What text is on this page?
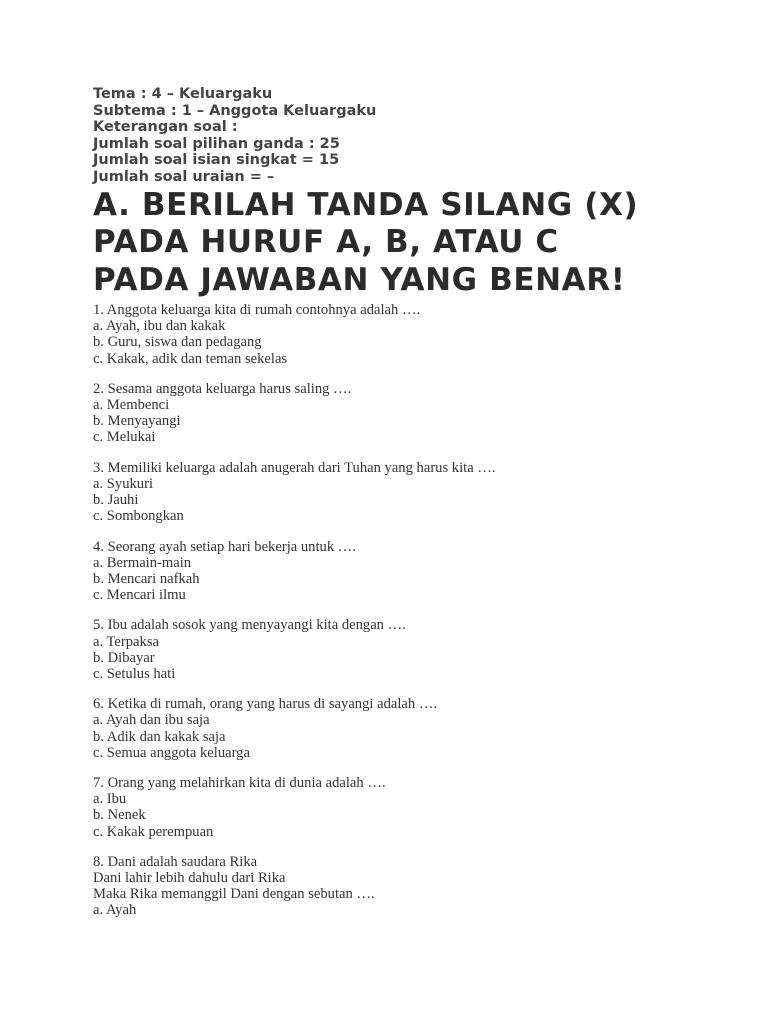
Tema : 4 – Keluargaku
Subtema : 1 – Anggota Keluargaku
Keterangan soal :
Jumlah soal pilihan ganda : 25
Jumlah soal isian singkat = 15
Jumlah soal uraian = –
A. BERILAH TANDA SILANG (X)
PADA HURUF A, B, ATAU C
PADA JAWABAN YANG BENAR!
1. Anggota keluarga kita di rumah contohnya adalah ….
a. Ayah, ibu dan kakak
b. Guru, siswa dan pedagang
c. Kakak, adik dan teman sekelas
2. Sesama anggota keluarga harus saling ….
a. Membenci
b. Menyayangi
c. Melukai
3. Memiliki keluarga adalah anugerah dari Tuhan yang harus kita ….
a. Syukuri
b. Jauhi
c. Sombongkan
4. Seorang ayah setiap hari bekerja untuk ….
a. Bermain-main
b. Mencari nafkah
c. Mencari ilmu
5. Ibu adalah sosok yang menyayangi kita dengan ….
a. Terpaksa
b. Dibayar
c. Setulus hati
6. Ketika di rumah, orang yang harus di sayangi adalah ….
a. Ayah dan ibu saja
b. Adik dan kakak saja
c. Semua anggota keluarga
7. Orang yang melahirkan kita di dunia adalah ….
a. Ibu
b. Nenek
c. Kakak perempuan
8. Dani adalah saudara Rika
Dani lahir lebih dahulu dari Rika
Maka Rika memanggil Dani dengan sebutan ….
a. Ayah
